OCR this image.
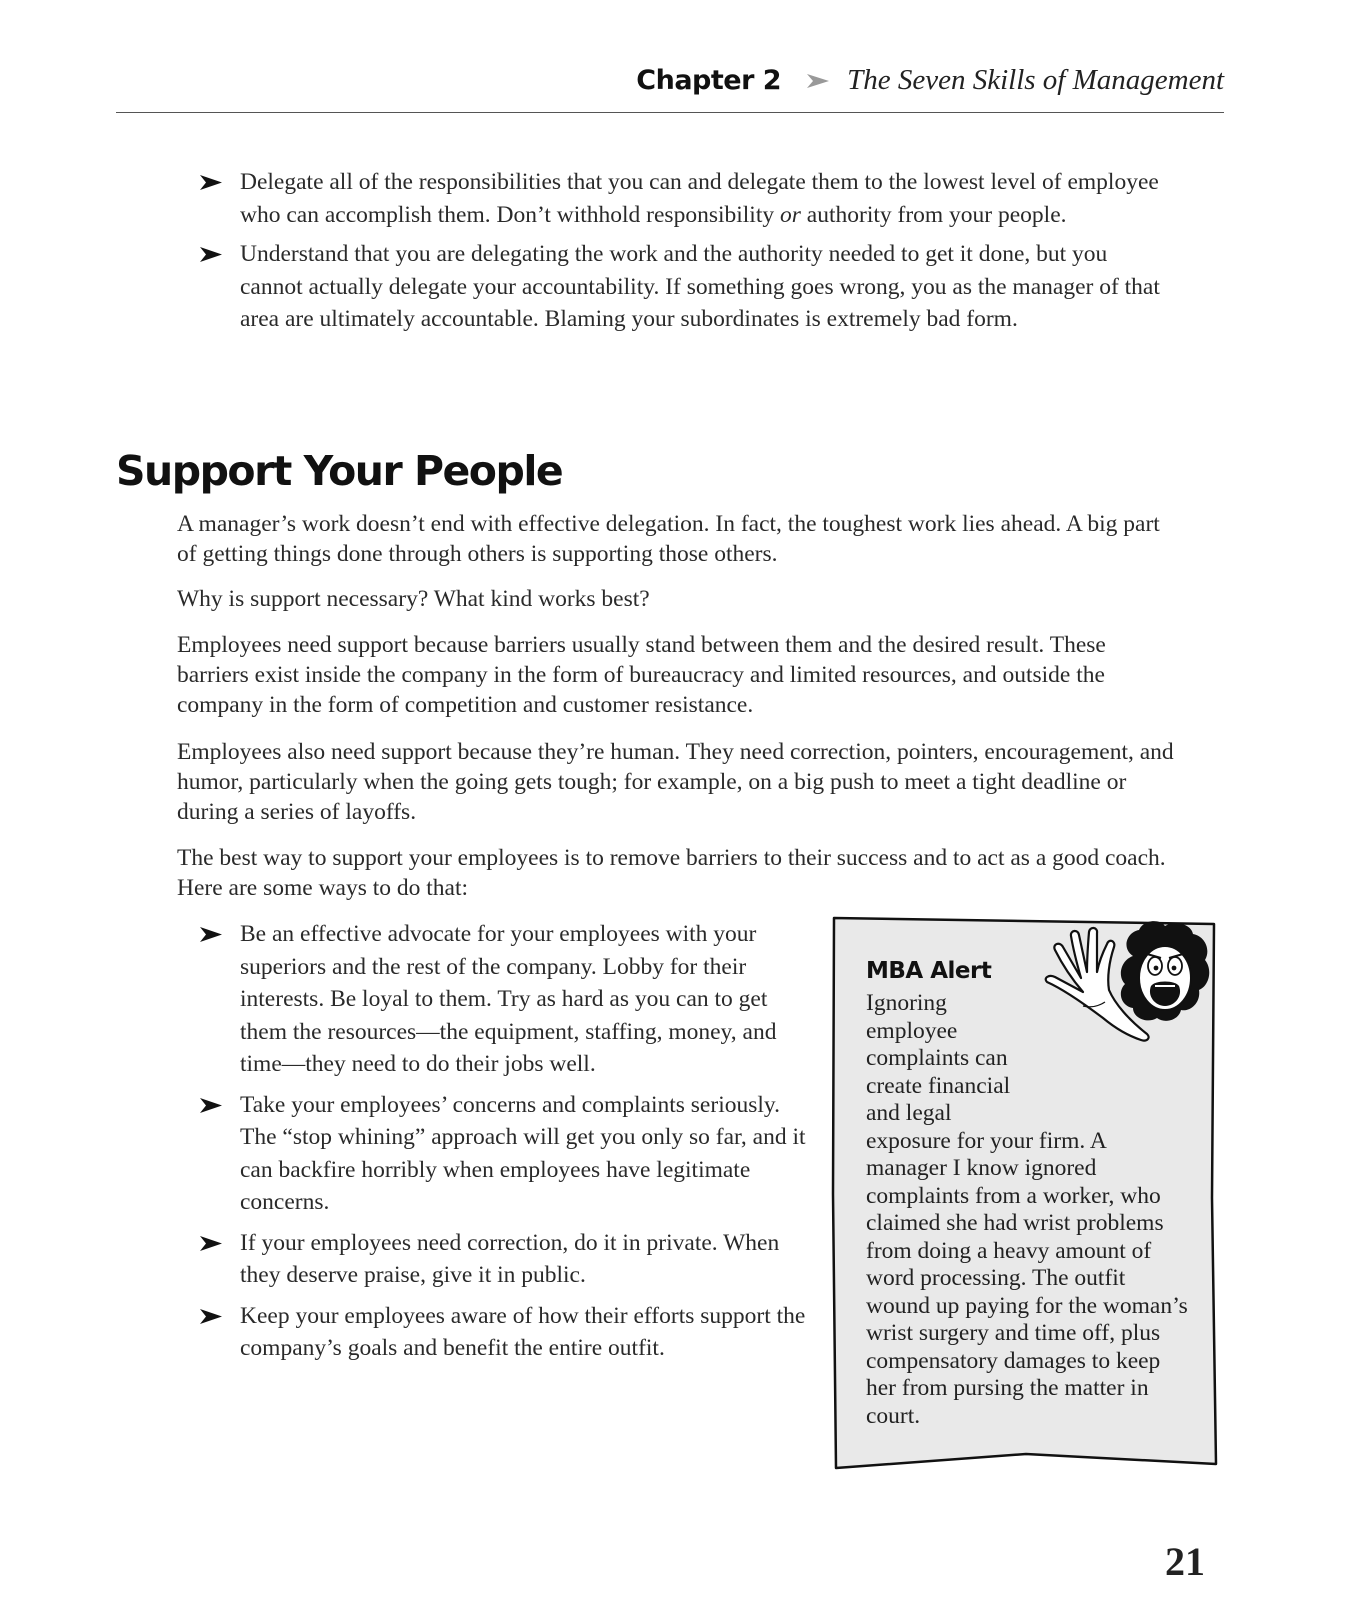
Chapter 2 The Seven Skills of Management
Delegate all of the responsibilities that you can and delegate them to the lowest level of employee who can accomplish them. Don’t withhold responsibility or authority from your people.
Understand that you are delegating the work and the authority needed to get it done, but you cannot actually delegate your accountability. If something goes wrong, you as the manager of that area are ultimately accountable. Blaming your subordinates is extremely bad form.
Support Your People

A manager’s work doesn’t end with effective delegation. In fact, the toughest work lies ahead. A big part of getting things done through others is supporting those others.

Why is support necessary? What kind works best?

Employees need support because barriers usually stand between them and the desired result. These barriers exist inside the company in the form of bureaucracy and limited resources, and outside the company in the form of competition and customer resistance.

Employees also need support because they’re human. They need correction, pointers, encouragement, and humor, particularly when the going gets tough; for example, on a big push to meet a tight deadline or during a series of layoffs.

The best way to support your employees is to remove barriers to their success and to act as a good coach. Here are some ways to do that:

Be an effective advocate for your employees with your superiors and the rest of the company. Lobby for their interests. Be loyal to them. Try as hard as you can to get them the resources—the equipment, staffing, money, and time—they need to do their jobs well.
Take your employees’ concerns and complaints seriously. The “stop whining” approach will get you only so far, and it can backfire horribly when employees have legitimate concerns.
If your employees need correction, do it in private. When they deserve praise, give it in public.
Keep your employees aware of how their efforts support the company’s goals and benefit the entire outfit.

MBA Alert

Ignoring employee complaints can create financial and legal exposure for your firm. A manager I know ignored complaints from a worker, who claimed she had wrist problems from doing a heavy amount of word processing. The outfit wound up paying for the woman’s wrist surgery and time off, plus compensatory damages to keep her from pursing the matter in court.

21
